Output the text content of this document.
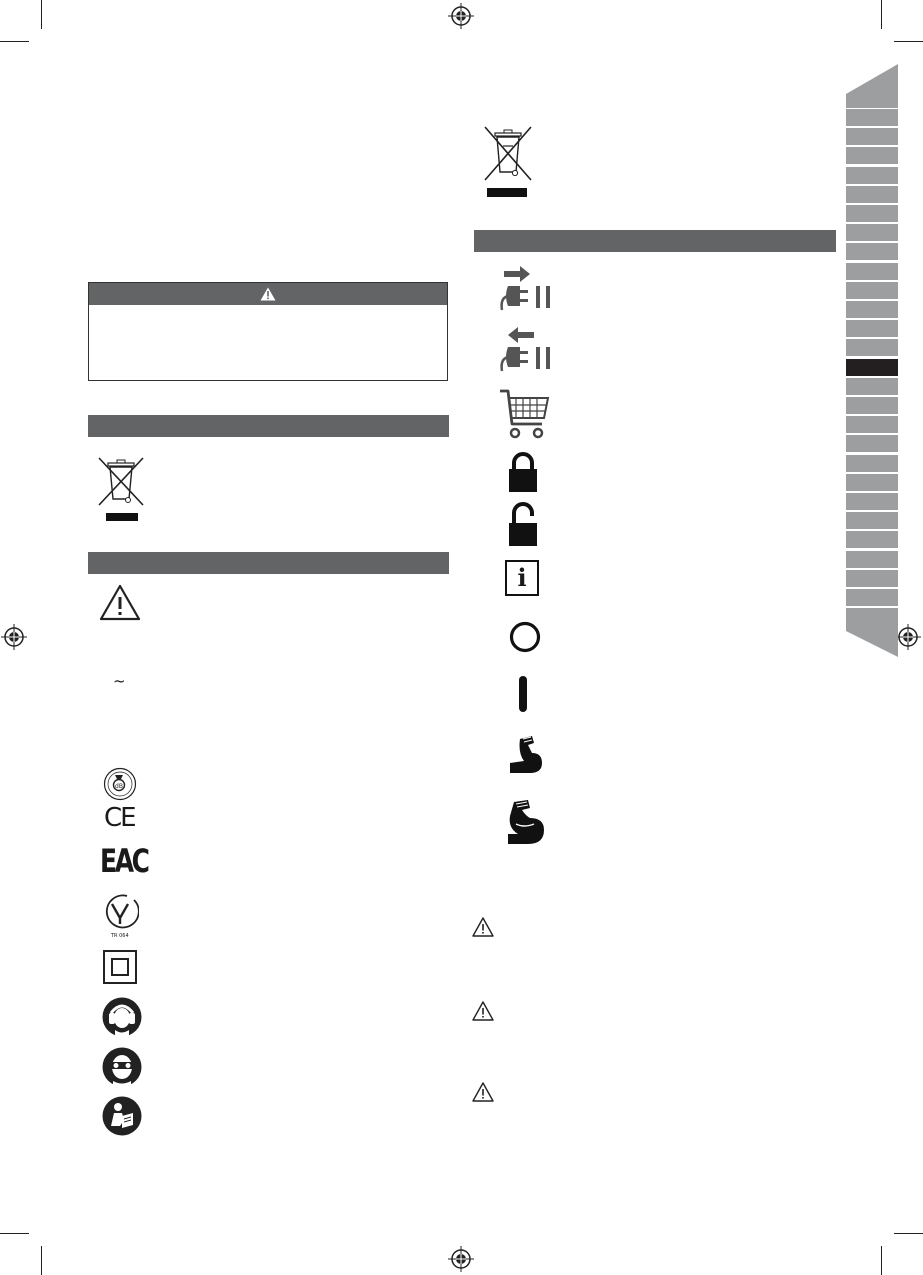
~
dB
CE
EAC
TR 064
i
